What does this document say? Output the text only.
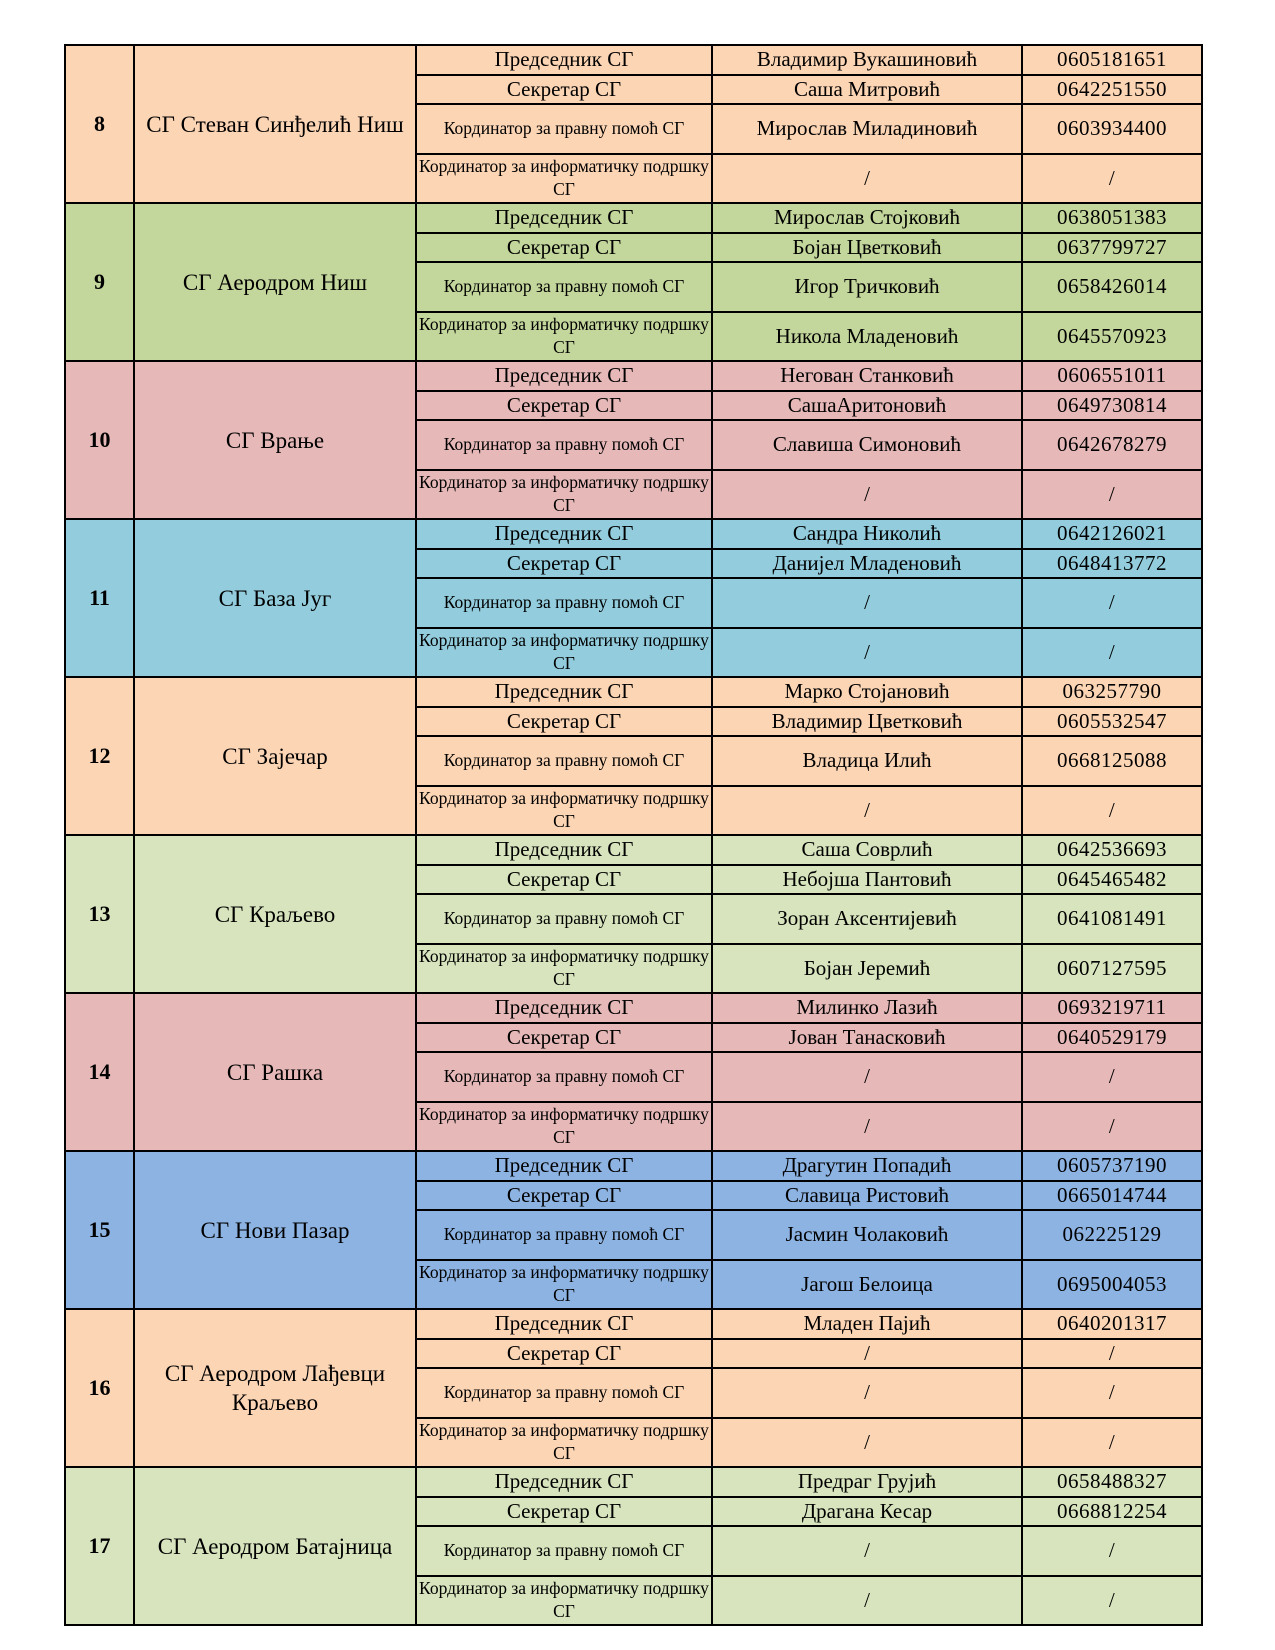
8	СГ Стеван Синђелић Ниш	Председник СГ	Владимир Вукашиновић	0605181651
		Секретар СГ	Саша Митровић	0642251550
		Кординатор за правну помоћ СГ	Мирослав Миладиновић	0603934400
		Кординатор за информатичку подршку СГ	/	/
9	СГ Аеродром Ниш	Председник СГ	Мирослав Стојковић	0638051383
		Секретар СГ	Бојан Цветковић	0637799727
		Кординатор за правну помоћ СГ	Игор Тричковић	0658426014
		Кординатор за информатичку подршку СГ	Никола Младеновић	0645570923
10	СГ Врање	Председник СГ	Негован Станковић	0606551011
		Секретар СГ	СашаАритоновић	0649730814
		Кординатор за правну помоћ СГ	Славиша Симоновић	0642678279
		Кординатор за информатичку подршку СГ	/	/
11	СГ База Југ	Председник СГ	Сандра Николић	0642126021
		Секретар СГ	Данијел Младеновић	0648413772
		Кординатор за правну помоћ СГ	/	/
		Кординатор за информатичку подршку СГ	/	/
12	СГ Зајечар	Председник СГ	Марко Стојановић	063257790
		Секретар СГ	Владимир Цветковић	0605532547
		Кординатор за правну помоћ СГ	Владица Илић	0668125088
		Кординатор за информатичку подршку СГ	/	/
13	СГ Краљево	Председник СГ	Саша Соврлић	0642536693
		Секретар СГ	Небојша Пантовић	0645465482
		Кординатор за правну помоћ СГ	Зоран Аксентијевић	0641081491
		Кординатор за информатичку подршку СГ	Бојан Јеремић	0607127595
14	СГ Рашка	Председник СГ	Милинко Лазић	0693219711
		Секретар СГ	Јован Танасковић	0640529179
		Кординатор за правну помоћ СГ	/	/
		Кординатор за информатичку подршку СГ	/	/
15	СГ Нови Пазар	Председник СГ	Драгутин Попадић	0605737190
		Секретар СГ	Славица Ристовић	0665014744
		Кординатор за правну помоћ СГ	Јасмин Чолаковић	062225129
		Кординатор за информатичку подршку СГ	Јагош Белоица	0695004053
16	СГ Аеродром Лађевци Краљево	Председник СГ	Младен Пајић	0640201317
		Секретар СГ	/	/
		Кординатор за правну помоћ СГ	/	/
		Кординатор за информатичку подршку СГ	/	/
17	СГ Аеродром Батајница	Председник СГ	Предраг Грујић	0658488327
		Секретар СГ	Драгана Кесар	0668812254
		Кординатор за правну помоћ СГ	/	/
		Кординатор за информатичку подршку СГ	/	/
